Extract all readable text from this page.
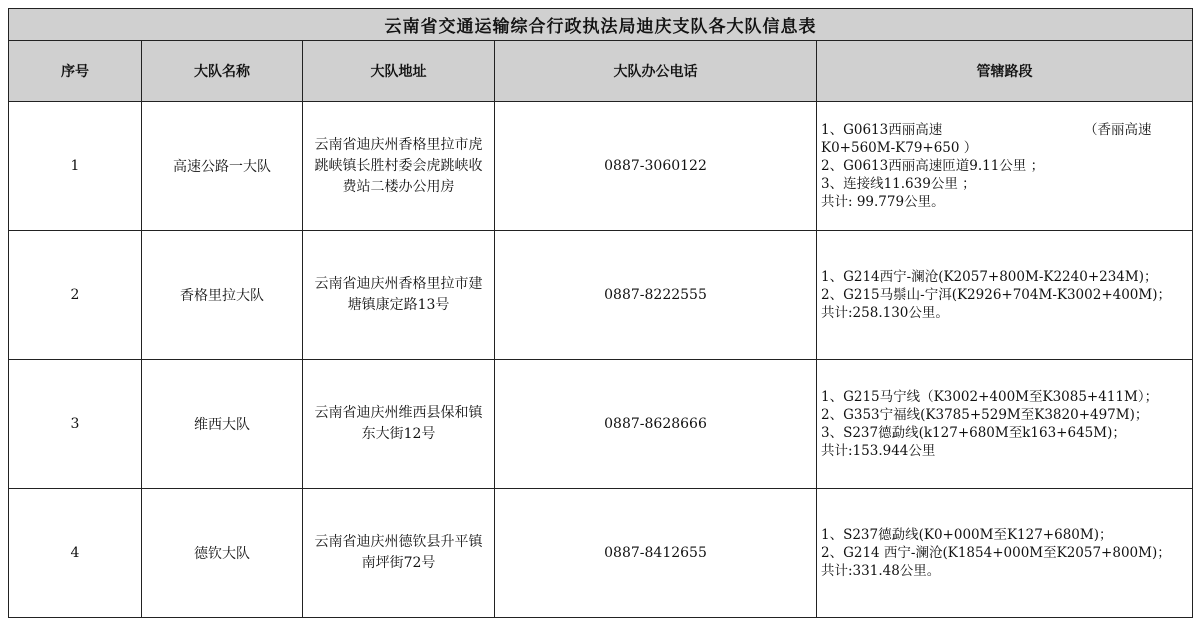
云南省交通运输综合行政执法局迪庆支队各大队信息表				
序号	大队名称	大队地址	大队办公电话	管辖路段
1	高速公路一大队	云南省迪庆州香格里拉市虎跳峡镇长胜村委会虎跳峡收费站二楼办公用房	0887-3060122	1、G0613西丽高速　　　　　　　　　　　（香丽高速K0+560M-K79+650 ）
2、G0613西丽高速匝道9.11公里 ；
3、连接线11.639公里 ；
共计: 99.779公里。

2	香格里拉大队	云南省迪庆州香格里拉市建塘镇康定路13号	0887-8222555	1、G214西宁-澜沧(K2057+800M-K2240+234M)；
2、G215马鬃山-宁洱(K2926+704M-K3002+400M)；
共计:258.130公里。

3	维西大队	云南省迪庆州维西县保和镇东大街12号	0887-8628666	1、G215马宁线（K3002+400M至K3085+411M）；
2、G353宁福线(K3785+529M至K3820+497M)；
3、S237德勐线(k127+680M至k163+645M)；
共计:153.944公里

4	德钦大队	云南省迪庆州德钦县升平镇南坪街72号	0887-8412655	1、S237德勐线(K0+000M至K127+680M)；
2、G214 西宁-澜沧(K1854+000M至K2057+800M)；
共计:331.48公里。
